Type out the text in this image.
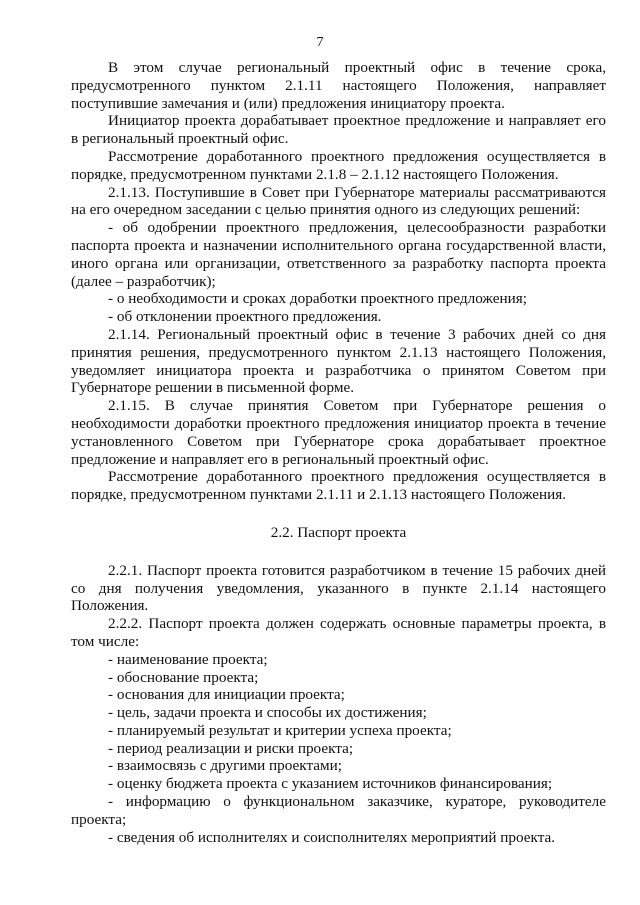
7

В этом случае региональный проектный офис в течение срока, предусмотренного пунктом 2.1.11 настоящего Положения, направляет поступившие замечания и (или) предложения инициатору проекта.

Инициатор проекта дорабатывает проектное предложение и направляет его в региональный проектный офис.

Рассмотрение доработанного проектного предложения осуществляется в порядке, предусмотренном пунктами 2.1.8 – 2.1.12 настоящего Положения.

2.1.13. Поступившие в Совет при Губернаторе материалы рассматриваются на его очередном заседании с целью принятия одного из следующих решений:

- об одобрении проектного предложения, целесообразности разработки паспорта проекта и назначении исполнительного органа государственной власти, иного органа или организации, ответственного за разработку паспорта проекта (далее – разработчик);

- о необходимости и сроках доработки проектного предложения;

- об отклонении проектного предложения.

2.1.14. Региональный проектный офис в течение 3 рабочих дней со дня принятия решения, предусмотренного пунктом 2.1.13 настоящего Положения, уведомляет инициатора проекта и разработчика о принятом Советом при Губернаторе решении в письменной форме.

2.1.15. В случае принятия Советом при Губернаторе решения о необходимости доработки проектного предложения инициатор проекта в течение установленного Советом при Губернаторе срока дорабатывает проектное предложение и направляет его в региональный проектный офис.

Рассмотрение доработанного проектного предложения осуществляется в порядке, предусмотренном пунктами 2.1.11 и 2.1.13 настоящего Положения.

2.2. Паспорт проекта

2.2.1. Паспорт проекта готовится разработчиком в течение 15 рабочих дней со дня получения уведомления, указанного в пункте 2.1.14 настоящего Положения.

2.2.2. Паспорт проекта должен содержать основные параметры проекта, в том числе:

- наименование проекта;

- обоснование проекта;

- основания для инициации проекта;

- цель, задачи проекта и способы их достижения;

- планируемый результат и критерии успеха проекта;

- период реализации и риски проекта;

- взаимосвязь с другими проектами;

- оценку бюджета проекта с указанием источников финансирования;

- информацию о функциональном заказчике, кураторе, руководителе проекта;

- сведения об исполнителях и соисполнителях мероприятий проекта.
